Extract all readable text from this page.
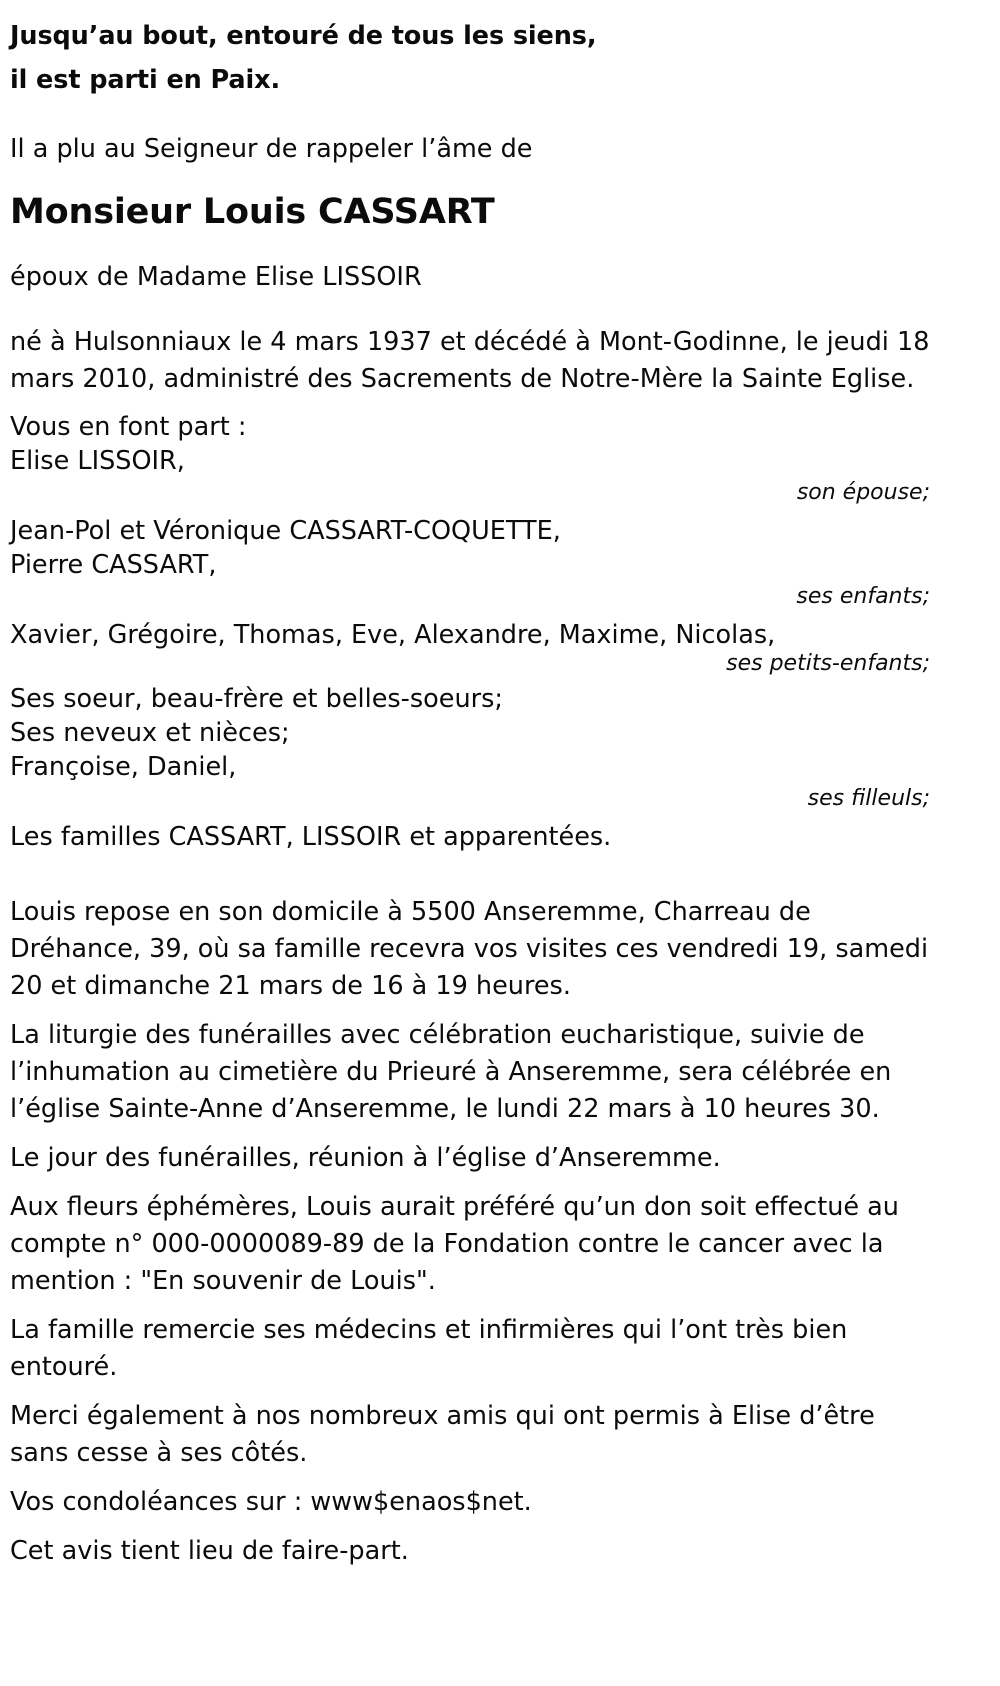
Jusqu’au bout, entouré de tous les siens,
il est parti en Paix.
Il a plu au Seigneur de rappeler l’âme de
Monsieur Louis CASSART
époux de Madame Elise LISSOIR
né à Hulsonniaux le 4 mars 1937 et décédé à Mont-Godinne, le jeudi 18 mars 2010, administré des Sacrements de Notre-Mère la Sainte Eglise.
Vous en font part :
Elise LISSOIR,
son épouse;
Jean-Pol et Véronique CASSART-COQUETTE,
Pierre CASSART,
ses enfants;
Xavier, Grégoire, Thomas, Eve, Alexandre, Maxime, Nicolas,
ses petits-enfants;
Ses soeur, beau-frère et belles-soeurs;
Ses neveux et nièces;
Françoise, Daniel,
ses filleuls;
Les familles CASSART, LISSOIR et apparentées.
Louis repose en son domicile à 5500 Anseremme, Charreau de Dréhance, 39, où sa famille recevra vos visites ces vendredi 19, samedi 20 et dimanche 21 mars de 16 à 19 heures.
La liturgie des funérailles avec célébration eucharistique, suivie de l’inhumation au cimetière du Prieuré à Anseremme, sera célébrée en l’église Sainte-Anne d’Anseremme, le lundi 22 mars à 10 heures 30.
Le jour des funérailles, réunion à l’église d’Anseremme.
Aux fleurs éphémères, Louis aurait préféré qu’un don soit effectué au compte n° 000-0000089-89 de la Fondation contre le cancer avec la mention : "En souvenir de Louis".
La famille remercie ses médecins et infirmières qui l’ont très bien entouré.
Merci également à nos nombreux amis qui ont permis à Elise d’être sans cesse à ses côtés.
Vos condoléances sur : www$enaos$net.
Cet avis tient lieu de faire-part.
